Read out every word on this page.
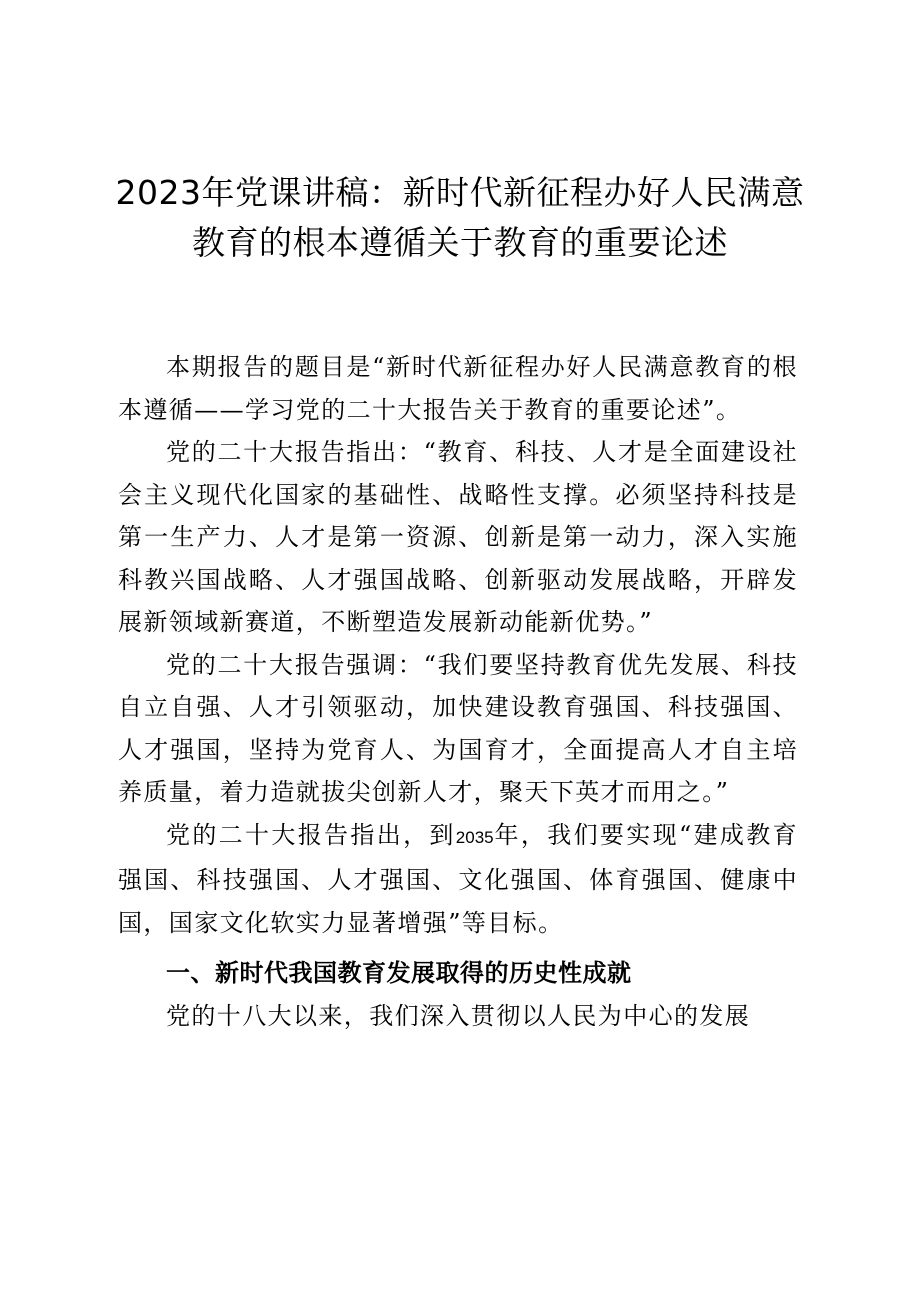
2023年党课讲稿：新时代新征程办好人民满意教育的根本遵循关于教育的重要论述

本期报告的题目是“新时代新征程办好人民满意教育的根本遵循——学习党的二十大报告关于教育的重要论述”。

党的二十大报告指出：“教育、科技、人才是全面建设社会主义现代化国家的基础性、战略性支撑。必须坚持科技是第一生产力、人才是第一资源、创新是第一动力，深入实施科教兴国战略、人才强国战略、创新驱动发展战略，开辟发展新领域新赛道，不断塑造发展新动能新优势。”

党的二十大报告强调：“我们要坚持教育优先发展、科技自立自强、人才引领驱动，加快建设教育强国、科技强国、人才强国，坚持为党育人、为国育才，全面提高人才自主培养质量，着力造就拔尖创新人才，聚天下英才而用之。”

党的二十大报告指出，到2035年，我们要实现“建成教育强国、科技强国、人才强国、文化强国、体育强国、健康中国，国家文化软实力显著增强”等目标。

一、新时代我国教育发展取得的历史性成就

党的十八大以来，我们深入贯彻以人民为中心的发展
